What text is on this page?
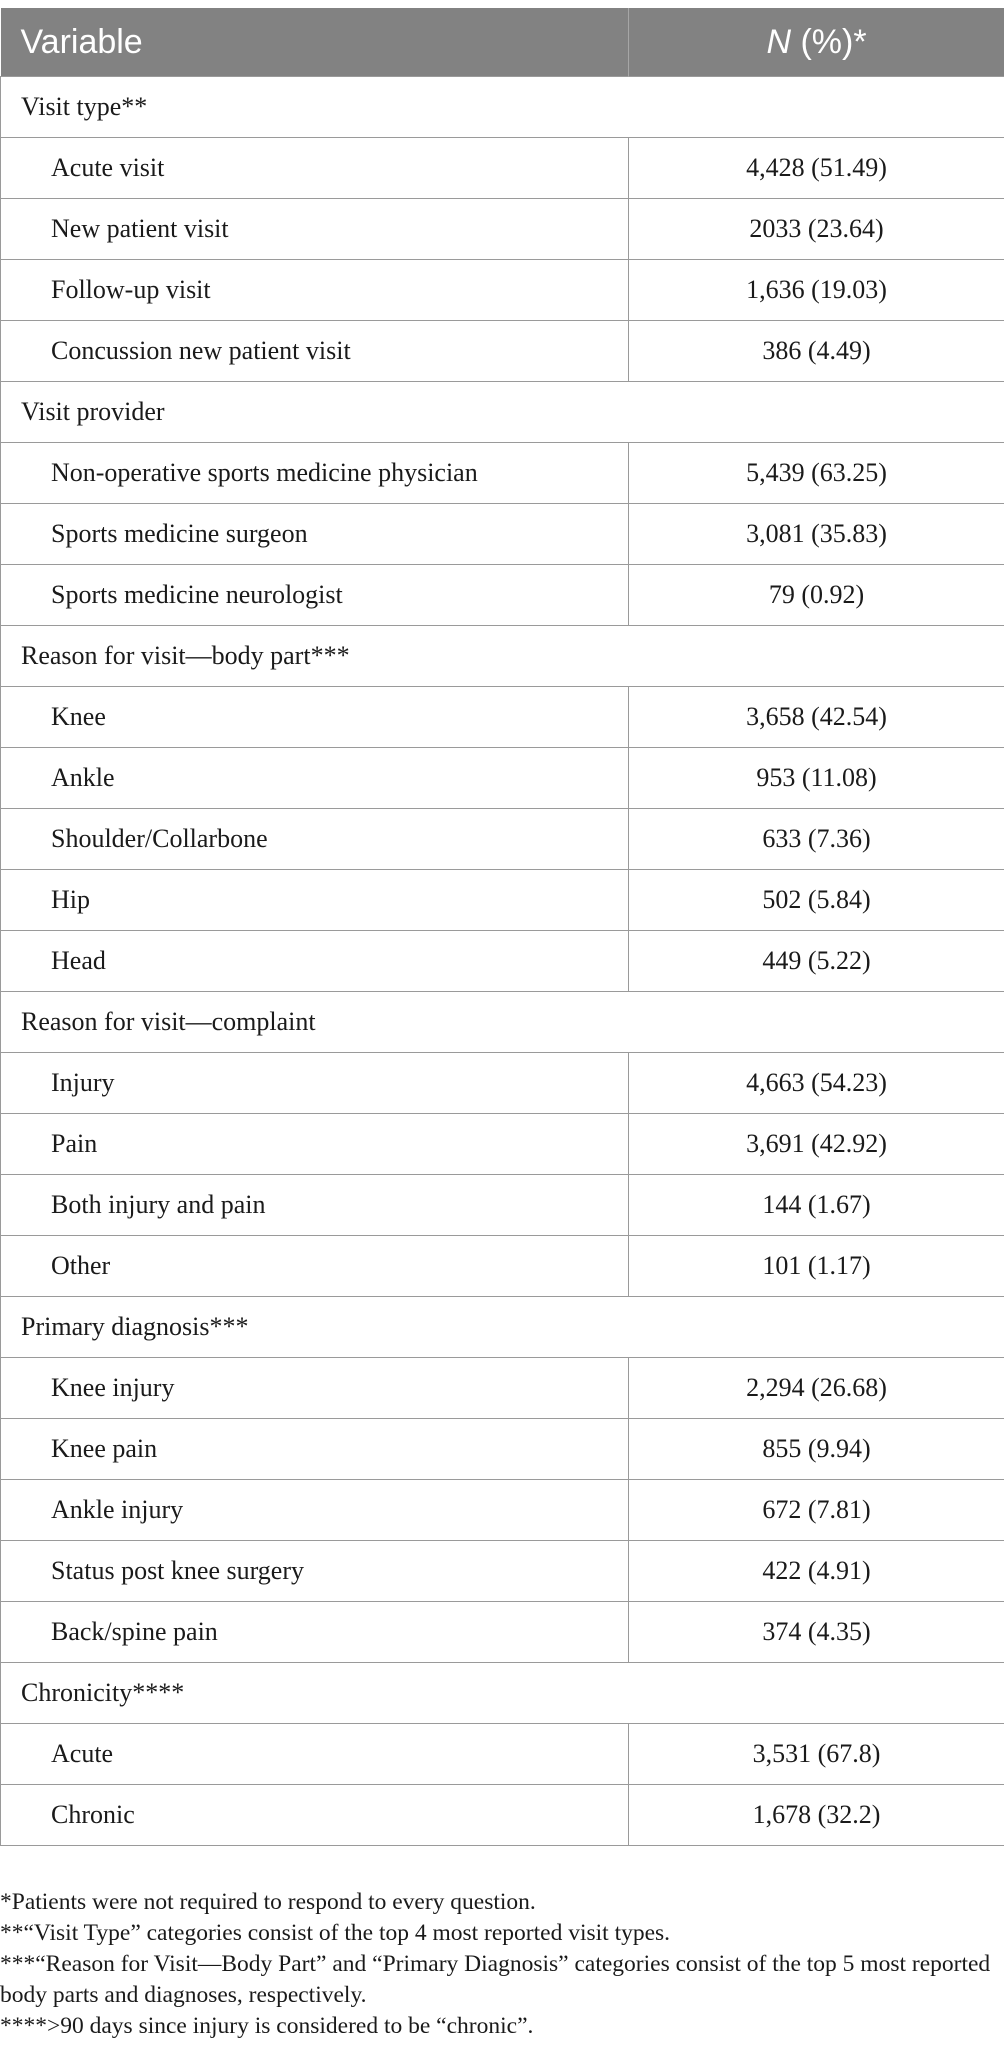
Variable	N (%)*
Visit type**	
Acute visit	4,428 (51.49)
New patient visit	2033 (23.64)
Follow-up visit	1,636 (19.03)
Concussion new patient visit	386 (4.49)
Visit provider	
Non-operative sports medicine physician	5,439 (63.25)
Sports medicine surgeon	3,081 (35.83)
Sports medicine neurologist	79 (0.92)
Reason for visit—body part***	
Knee	3,658 (42.54)
Ankle	953 (11.08)
Shoulder/Collarbone	633 (7.36)
Hip	502 (5.84)
Head	449 (5.22)
Reason for visit—complaint	
Injury	4,663 (54.23)
Pain	3,691 (42.92)
Both injury and pain	144 (1.67)
Other	101 (1.17)
Primary diagnosis***	
Knee injury	2,294 (26.68)
Knee pain	855 (9.94)
Ankle injury	672 (7.81)
Status post knee surgery	422 (4.91)
Back/spine pain	374 (4.35)
Chronicity****	
Acute	3,531 (67.8)
Chronic	1,678 (32.2)

*Patients were not required to respond to every question.

**“Visit Type” categories consist of the top 4 most reported visit types.

***“Reason for Visit—Body Part” and “Primary Diagnosis” categories consist of the top 5 most reported body parts and diagnoses, respectively.

****>90 days since injury is considered to be “chronic”.
